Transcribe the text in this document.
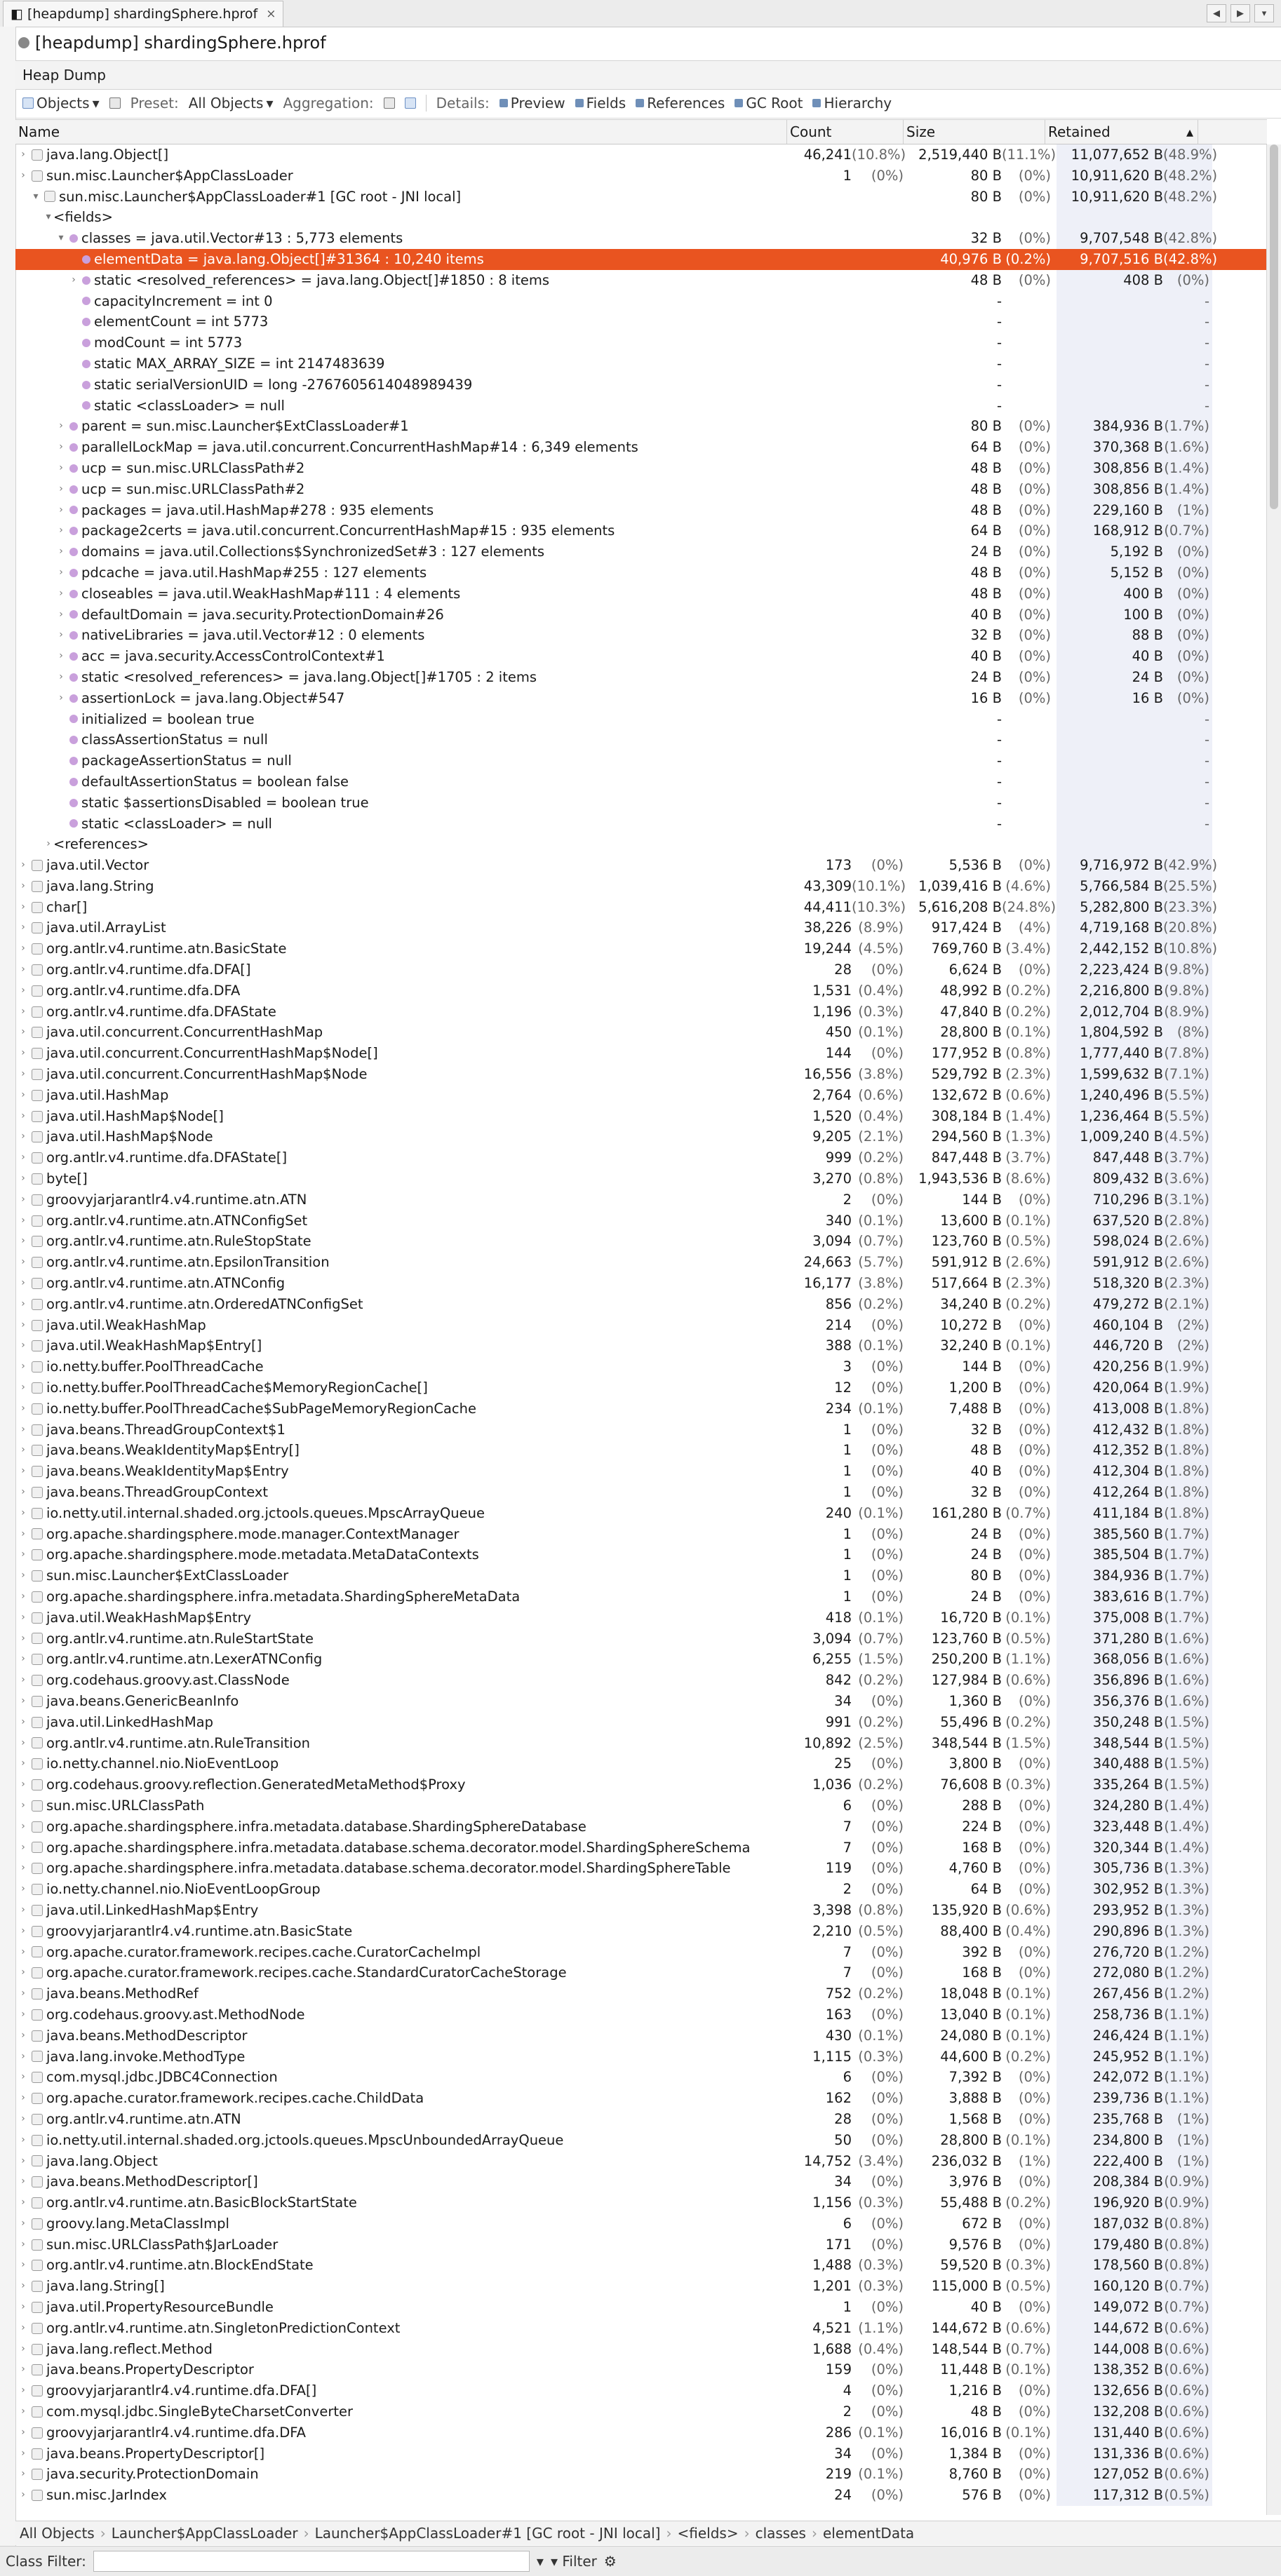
◧ [heapdump] shardingSphere.hprof ×	◀	▶	▾
[heapdump] shardingSphere.hprof
Heap Dump
Objects ▾ Preset: All Objects ▾ Aggregation:	Details: Preview Fields References GC Root Hierarchy
Name	Count	Size	Retained	▴
› java.lang.Object[]	46,241 (10.8%) 2,519,440 B (11.1%)	11,077,652 B (48.9%)
› sun.misc.Launcher$AppClassLoader	1	(0%)	80 B	(0%)	10,911,620 B (48.2%)
▾ sun.misc.Launcher$AppClassLoader#1 [GC root - JNI local]	80 B	(0%)	10,911,620 B (48.2%)
▾ <fields>
▾ classes = java.util.Vector#13 : 5,773 elements	32 B	(0%)	9,707,548 B (42.8%)
elementData = java.lang.Object[]#31364 : 10,240 items	40,976 B (0.2%)	9,707,516 B (42.8%)
› static <resolved_references> = java.lang.Object[]#1850 : 8 items	48 B	(0%)	408 B	(0%)
capacityIncrement = int 0	-	-
elementCount = int 5773	-	-
modCount = int 5773	-	-
static MAX_ARRAY_SIZE = int 2147483639	-	-
static serialVersionUID = long -2767605614048989439	-	-
static <classLoader> = null	-	-
› parent = sun.misc.Launcher$ExtClassLoader#1	80 B	(0%)	384,936 B (1.7%)
› parallelLockMap = java.util.concurrent.ConcurrentHashMap#14 : 6,349 elements	64 B	(0%)	370,368 B (1.6%)
› ucp = sun.misc.URLClassPath#2	48 B	(0%)	308,856 B (1.4%)
› ucp = sun.misc.URLClassPath#2	48 B	(0%)	308,856 B (1.4%)
› packages = java.util.HashMap#278 : 935 elements	48 B	(0%)	229,160 B	(1%)
› package2certs = java.util.concurrent.ConcurrentHashMap#15 : 935 elements	64 B	(0%)	168,912 B (0.7%)
› domains = java.util.Collections$SynchronizedSet#3 : 127 elements	24 B	(0%)	5,192 B	(0%)
› pdcache = java.util.HashMap#255 : 127 elements	48 B	(0%)	5,152 B	(0%)
› closeables = java.util.WeakHashMap#111 : 4 elements	48 B	(0%)	400 B	(0%)
› defaultDomain = java.security.ProtectionDomain#26	40 B	(0%)	100 B	(0%)
› nativeLibraries = java.util.Vector#12 : 0 elements	32 B	(0%)	88 B	(0%)
› acc = java.security.AccessControlContext#1	40 B	(0%)	40 B	(0%)
› static <resolved_references> = java.lang.Object[]#1705 : 2 items	24 B	(0%)	24 B	(0%)
› assertionLock = java.lang.Object#547	16 B	(0%)	16 B	(0%)
initialized = boolean true	-	-
classAssertionStatus = null	-	-
packageAssertionStatus = null	-	-
defaultAssertionStatus = boolean false	-	-
static $assertionsDisabled = boolean true	-	-
static <classLoader> = null	-	-
› <references>
› java.util.Vector	173	(0%)	5,536 B	(0%)	9,716,972 B (42.9%)
› java.lang.String	43,309 (10.1%) 1,039,416 B (4.6%)	5,766,584 B (25.5%)
› char[]	44,411 (10.3%) 5,616,208 B (24.8%)	5,282,800 B (23.3%)
› java.util.ArrayList	38,226 (8.9%)	917,424 B	(4%)	4,719,168 B (20.8%)
› org.antlr.v4.runtime.atn.BasicState	19,244 (4.5%)	769,760 B (3.4%)	2,442,152 B (10.8%)
› org.antlr.v4.runtime.dfa.DFA[]	28	(0%)	6,624 B	(0%)	2,223,424 B (9.8%)
› org.antlr.v4.runtime.dfa.DFA	1,531 (0.4%)	48,992 B (0.2%)	2,216,800 B (9.8%)
› org.antlr.v4.runtime.dfa.DFAState	1,196 (0.3%)	47,840 B (0.2%)	2,012,704 B (8.9%)
› java.util.concurrent.ConcurrentHashMap	450 (0.1%)	28,800 B (0.1%)	1,804,592 B	(8%)
› java.util.concurrent.ConcurrentHashMap$Node[]	144	(0%)	177,952 B (0.8%)	1,777,440 B (7.8%)
› java.util.concurrent.ConcurrentHashMap$Node	16,556 (3.8%)	529,792 B (2.3%)	1,599,632 B (7.1%)
› java.util.HashMap	2,764 (0.6%)	132,672 B (0.6%)	1,240,496 B (5.5%)
› java.util.HashMap$Node[]	1,520 (0.4%)	308,184 B (1.4%)	1,236,464 B (5.5%)
› java.util.HashMap$Node	9,205 (2.1%)	294,560 B (1.3%)	1,009,240 B (4.5%)
› org.antlr.v4.runtime.dfa.DFAState[]	999 (0.2%)	847,448 B (3.7%)	847,448 B (3.7%)
› byte[]	3,270 (0.8%)	1,943,536 B (8.6%)	809,432 B (3.6%)
› groovyjarjarantlr4.v4.runtime.atn.ATN	2	(0%)	144 B	(0%)	710,296 B (3.1%)
› org.antlr.v4.runtime.atn.ATNConfigSet	340 (0.1%)	13,600 B (0.1%)	637,520 B (2.8%)
› org.antlr.v4.runtime.atn.RuleStopState	3,094 (0.7%)	123,760 B (0.5%)	598,024 B (2.6%)
› org.antlr.v4.runtime.atn.EpsilonTransition	24,663 (5.7%)	591,912 B (2.6%)	591,912 B (2.6%)
› org.antlr.v4.runtime.atn.ATNConfig	16,177 (3.8%)	517,664 B (2.3%)	518,320 B (2.3%)
› org.antlr.v4.runtime.atn.OrderedATNConfigSet	856 (0.2%)	34,240 B (0.2%)	479,272 B (2.1%)
› java.util.WeakHashMap	214	(0%)	10,272 B	(0%)	460,104 B	(2%)
› java.util.WeakHashMap$Entry[]	388 (0.1%)	32,240 B (0.1%)	446,720 B	(2%)
› io.netty.buffer.PoolThreadCache	3	(0%)	144 B	(0%)	420,256 B (1.9%)
› io.netty.buffer.PoolThreadCache$MemoryRegionCache[]	12	(0%)	1,200 B	(0%)	420,064 B (1.9%)
› io.netty.buffer.PoolThreadCache$SubPageMemoryRegionCache	234 (0.1%)	7,488 B	(0%)	413,008 B (1.8%)
› java.beans.ThreadGroupContext$1	1	(0%)	32 B	(0%)	412,432 B (1.8%)
› java.beans.WeakIdentityMap$Entry[]	1	(0%)	48 B	(0%)	412,352 B (1.8%)
› java.beans.WeakIdentityMap$Entry	1	(0%)	40 B	(0%)	412,304 B (1.8%)
› java.beans.ThreadGroupContext	1	(0%)	32 B	(0%)	412,264 B (1.8%)
› io.netty.util.internal.shaded.org.jctools.queues.MpscArrayQueue	240 (0.1%)	161,280 B (0.7%)	411,184 B (1.8%)
› org.apache.shardingsphere.mode.manager.ContextManager	1	(0%)	24 B	(0%)	385,560 B (1.7%)
› org.apache.shardingsphere.mode.metadata.MetaDataContexts	1	(0%)	24 B	(0%)	385,504 B (1.7%)
› sun.misc.Launcher$ExtClassLoader	1	(0%)	80 B	(0%)	384,936 B (1.7%)
› org.apache.shardingsphere.infra.metadata.ShardingSphereMetaData	1	(0%)	24 B	(0%)	383,616 B (1.7%)
› java.util.WeakHashMap$Entry	418 (0.1%)	16,720 B (0.1%)	375,008 B (1.7%)
› org.antlr.v4.runtime.atn.RuleStartState	3,094 (0.7%)	123,760 B (0.5%)	371,280 B (1.6%)
› org.antlr.v4.runtime.atn.LexerATNConfig	6,255 (1.5%)	250,200 B (1.1%)	368,056 B (1.6%)
› org.codehaus.groovy.ast.ClassNode	842 (0.2%)	127,984 B (0.6%)	356,896 B (1.6%)
› java.beans.GenericBeanInfo	34	(0%)	1,360 B	(0%)	356,376 B (1.6%)
› java.util.LinkedHashMap	991 (0.2%)	55,496 B (0.2%)	350,248 B (1.5%)
› org.antlr.v4.runtime.atn.RuleTransition	10,892 (2.5%)	348,544 B (1.5%)	348,544 B (1.5%)
› io.netty.channel.nio.NioEventLoop	25	(0%)	3,800 B	(0%)	340,488 B (1.5%)
› org.codehaus.groovy.reflection.GeneratedMetaMethod$Proxy	1,036 (0.2%)	76,608 B (0.3%)	335,264 B (1.5%)
› sun.misc.URLClassPath	6	(0%)	288 B	(0%)	324,280 B (1.4%)
› org.apache.shardingsphere.infra.metadata.database.ShardingSphereDatabase	7	(0%)	224 B	(0%)	323,448 B (1.4%)
› org.apache.shardingsphere.infra.metadata.database.schema.decorator.model.ShardingSphereSchema	7	(0%)	168 B	(0%)	320,344 B (1.4%)
› org.apache.shardingsphere.infra.metadata.database.schema.decorator.model.ShardingSphereTable	119	(0%)	4,760 B	(0%)	305,736 B (1.3%)
› io.netty.channel.nio.NioEventLoopGroup	2	(0%)	64 B	(0%)	302,952 B (1.3%)
› java.util.LinkedHashMap$Entry	3,398 (0.8%)	135,920 B (0.6%)	293,952 B (1.3%)
› groovyjarjarantlr4.v4.runtime.atn.BasicState	2,210 (0.5%)	88,400 B (0.4%)	290,896 B (1.3%)
› org.apache.curator.framework.recipes.cache.CuratorCacheImpl	7	(0%)	392 B	(0%)	276,720 B (1.2%)
› org.apache.curator.framework.recipes.cache.StandardCuratorCacheStorage	7	(0%)	168 B	(0%)	272,080 B (1.2%)
› java.beans.MethodRef	752 (0.2%)	18,048 B (0.1%)	267,456 B (1.2%)
› org.codehaus.groovy.ast.MethodNode	163	(0%)	13,040 B (0.1%)	258,736 B (1.1%)
› java.beans.MethodDescriptor	430 (0.1%)	24,080 B (0.1%)	246,424 B (1.1%)
› java.lang.invoke.MethodType	1,115 (0.3%)	44,600 B (0.2%)	245,952 B (1.1%)
› com.mysql.jdbc.JDBC4Connection	6	(0%)	7,392 B	(0%)	242,072 B (1.1%)
› org.apache.curator.framework.recipes.cache.ChildData	162	(0%)	3,888 B	(0%)	239,736 B (1.1%)
› org.antlr.v4.runtime.atn.ATN	28	(0%)	1,568 B	(0%)	235,768 B	(1%)
› io.netty.util.internal.shaded.org.jctools.queues.MpscUnboundedArrayQueue	50	(0%)	28,800 B (0.1%)	234,800 B	(1%)
› java.lang.Object	14,752 (3.4%)	236,032 B	(1%)	222,400 B	(1%)
› java.beans.MethodDescriptor[]	34	(0%)	3,976 B	(0%)	208,384 B (0.9%)
› org.antlr.v4.runtime.atn.BasicBlockStartState	1,156 (0.3%)	55,488 B (0.2%)	196,920 B (0.9%)
› groovy.lang.MetaClassImpl	6	(0%)	672 B	(0%)	187,032 B (0.8%)
› sun.misc.URLClassPath$JarLoader	171	(0%)	9,576 B	(0%)	179,480 B (0.8%)
› org.antlr.v4.runtime.atn.BlockEndState	1,488 (0.3%)	59,520 B (0.3%)	178,560 B (0.8%)
› java.lang.String[]	1,201 (0.3%)	115,000 B (0.5%)	160,120 B (0.7%)
› java.util.PropertyResourceBundle	1	(0%)	40 B	(0%)	149,072 B (0.7%)
› org.antlr.v4.runtime.atn.SingletonPredictionContext	4,521 (1.1%)	144,672 B (0.6%)	144,672 B (0.6%)
› java.lang.reflect.Method	1,688 (0.4%)	148,544 B (0.7%)	144,008 B (0.6%)
› java.beans.PropertyDescriptor	159	(0%)	11,448 B (0.1%)	138,352 B (0.6%)
› groovyjarjarantlr4.v4.runtime.dfa.DFA[]	4	(0%)	1,216 B	(0%)	132,656 B (0.6%)
› com.mysql.jdbc.SingleByteCharsetConverter	2	(0%)	48 B	(0%)	132,208 B (0.6%)
› groovyjarjarantlr4.v4.runtime.dfa.DFA	286 (0.1%)	16,016 B (0.1%)	131,440 B (0.6%)
› java.beans.PropertyDescriptor[]	34	(0%)	1,384 B	(0%)	131,336 B (0.6%)
› java.security.ProtectionDomain	219 (0.1%)	8,760 B	(0%)	127,052 B (0.6%)
› sun.misc.JarIndex	24	(0%)	576 B	(0%)	117,312 B (0.5%)
All Objects › Launcher$AppClassLoader › Launcher$AppClassLoader#1 [GC root - JNI local] › <fields> › classes › elementData
Class Filter:	▾ ▾ Filter ⚙
